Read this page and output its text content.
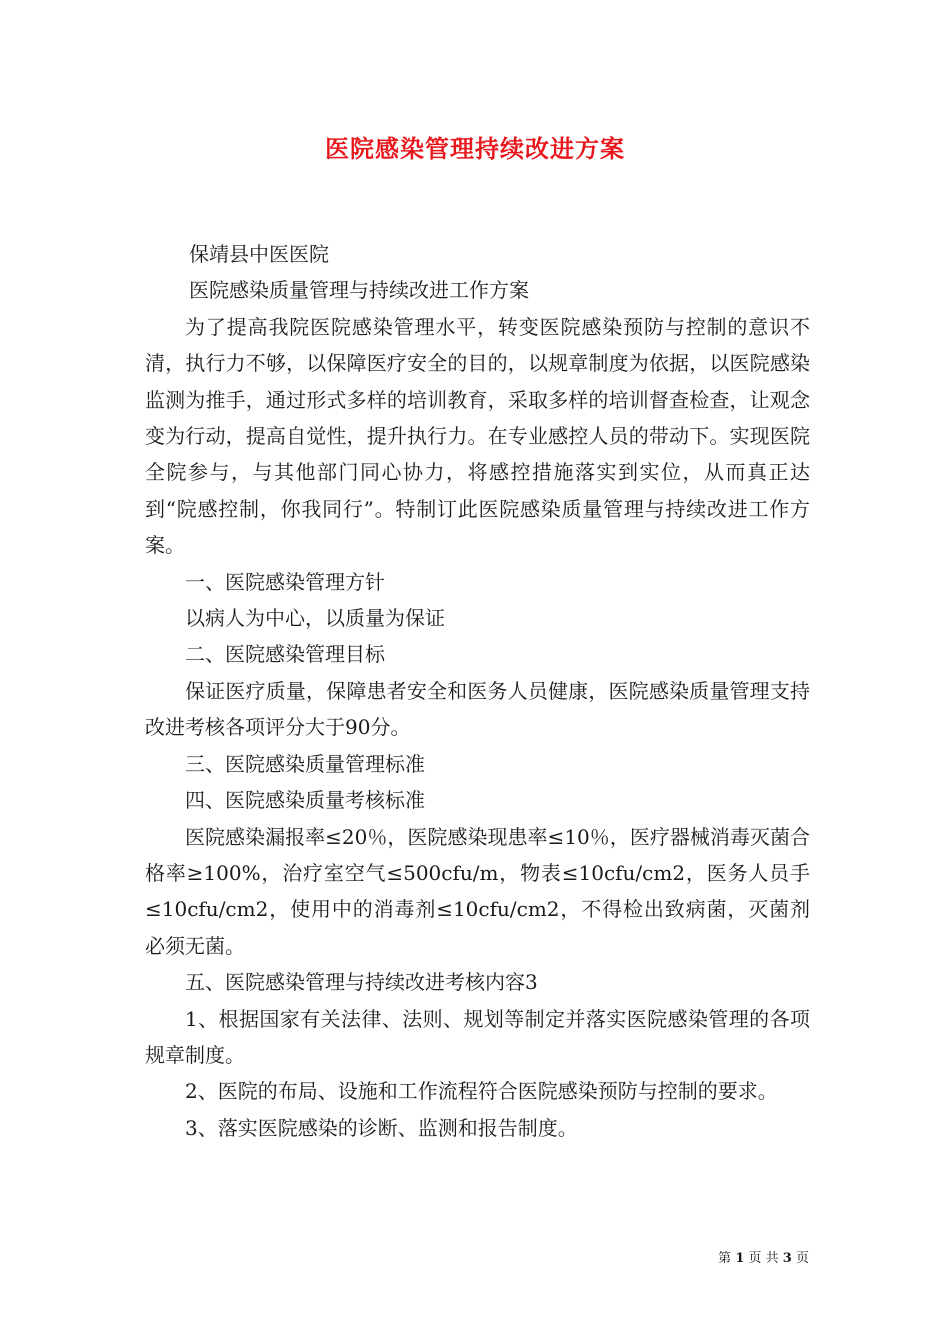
医院感染管理持续改进方案

保靖县中医医院

医院感染质量管理与持续改进工作方案

为了提高我院医院感染管理水平，转变医院感染预防与控制的意识不清，执行力不够，以保障医疗安全的目的，以规章制度为依据，以医院感染监测为推手，通过形式多样的培训教育，采取多样的培训督查检查，让观念变为行动，提高自觉性，提升执行力。在专业感控人员的带动下。实现医院全院参与，与其他部门同心协力，将感控措施落实到实位，从而真正达到“院感控制，你我同行”。特制订此医院感染质量管理与持续改进工作方案。

一、医院感染管理方针

以病人为中心，以质量为保证

二、医院感染管理目标

保证医疗质量，保障患者安全和医务人员健康，医院感染质量管理支持改进考核各项评分大于90分。

三、医院感染质量管理标准

四、医院感染质量考核标准

医院感染漏报率≤20％，医院感染现患率≤10％，医疗器械消毒灭菌合格率≥100%，治疗室空气≤500cfu/m，物表≤10cfu/cm2，医务人员手≤10cfu/cm2，使用中的消毒剂≤10cfu/cm2，不得检出致病菌，灭菌剂必须无菌。

五、医院感染管理与持续改进考核内容3

1、根据国家有关法律、法则、规划等制定并落实医院感染管理的各项规章制度。

2、医院的布局、设施和工作流程符合医院感染预防与控制的要求。

3、落实医院感染的诊断、监测和报告制度。

第 1 页 共 3 页
